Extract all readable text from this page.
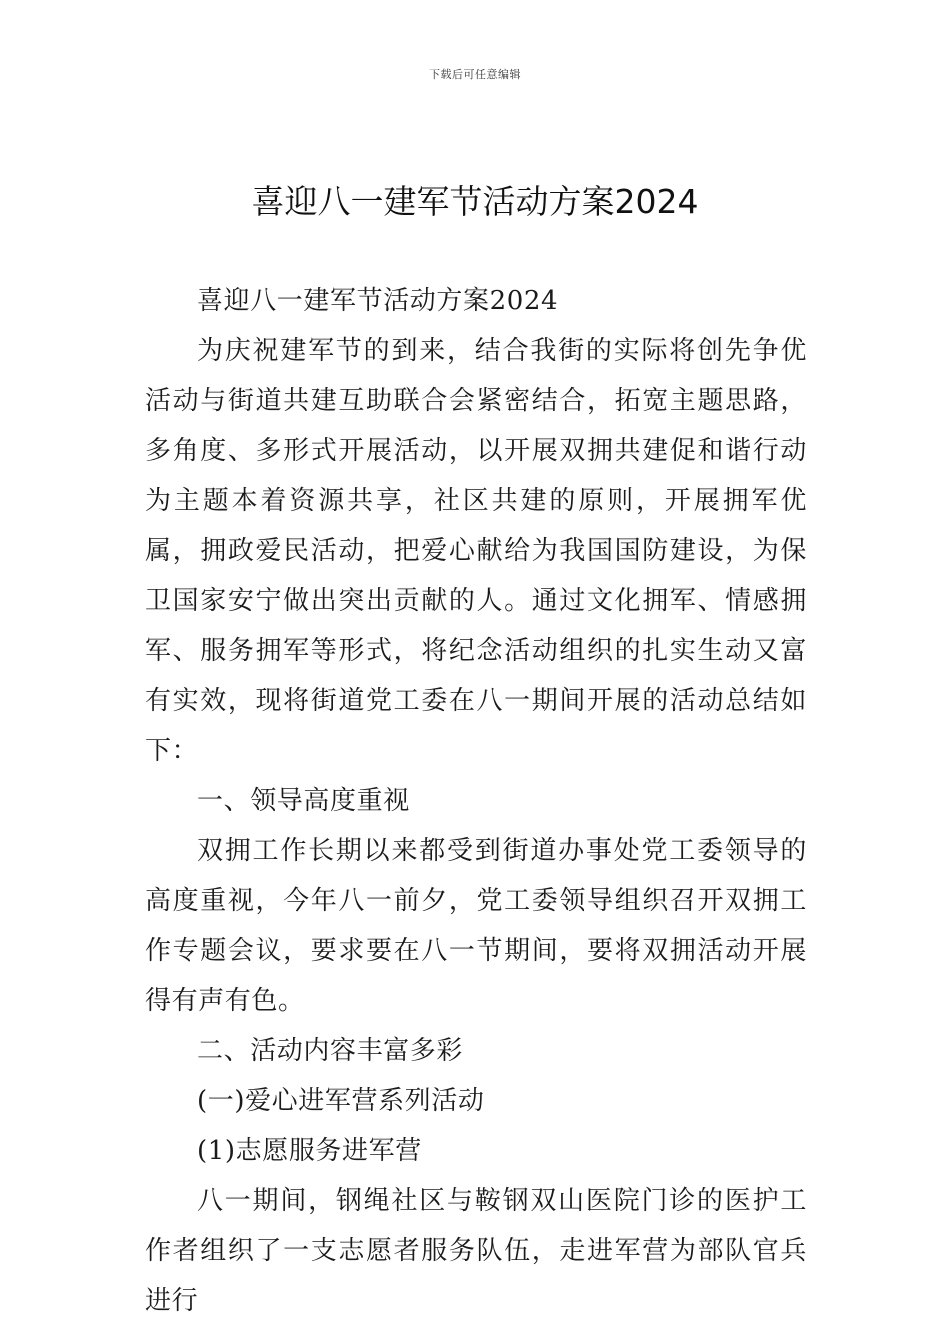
下载后可任意编辑
喜迎八一建军节活动方案2024

喜迎八一建军节活动方案2024

为庆祝建军节的到来，结合我街的实际将创先争优活动与街道共建互助联合会紧密结合，拓宽主题思路，多角度、多形式开展活动，以开展双拥共建促和谐行动为主题本着资源共享，社区共建的原则，开展拥军优属，拥政爱民活动，把爱心献给为我国国防建设，为保卫国家安宁做出突出贡献的人。通过文化拥军、情感拥军、服务拥军等形式，将纪念活动组织的扎实生动又富有实效，现将街道党工委在八一期间开展的活动总结如下：

一、领导高度重视

双拥工作长期以来都受到街道办事处党工委领导的高度重视，今年八一前夕，党工委领导组织召开双拥工作专题会议，要求要在八一节期间，要将双拥活动开展得有声有色。

二、活动内容丰富多彩

(一)爱心进军营系列活动

(1)志愿服务进军营

八一期间，钢绳社区与鞍钢双山医院门诊的医护工作者组织了一支志愿者服务队伍，走进军营为部队官兵进行
